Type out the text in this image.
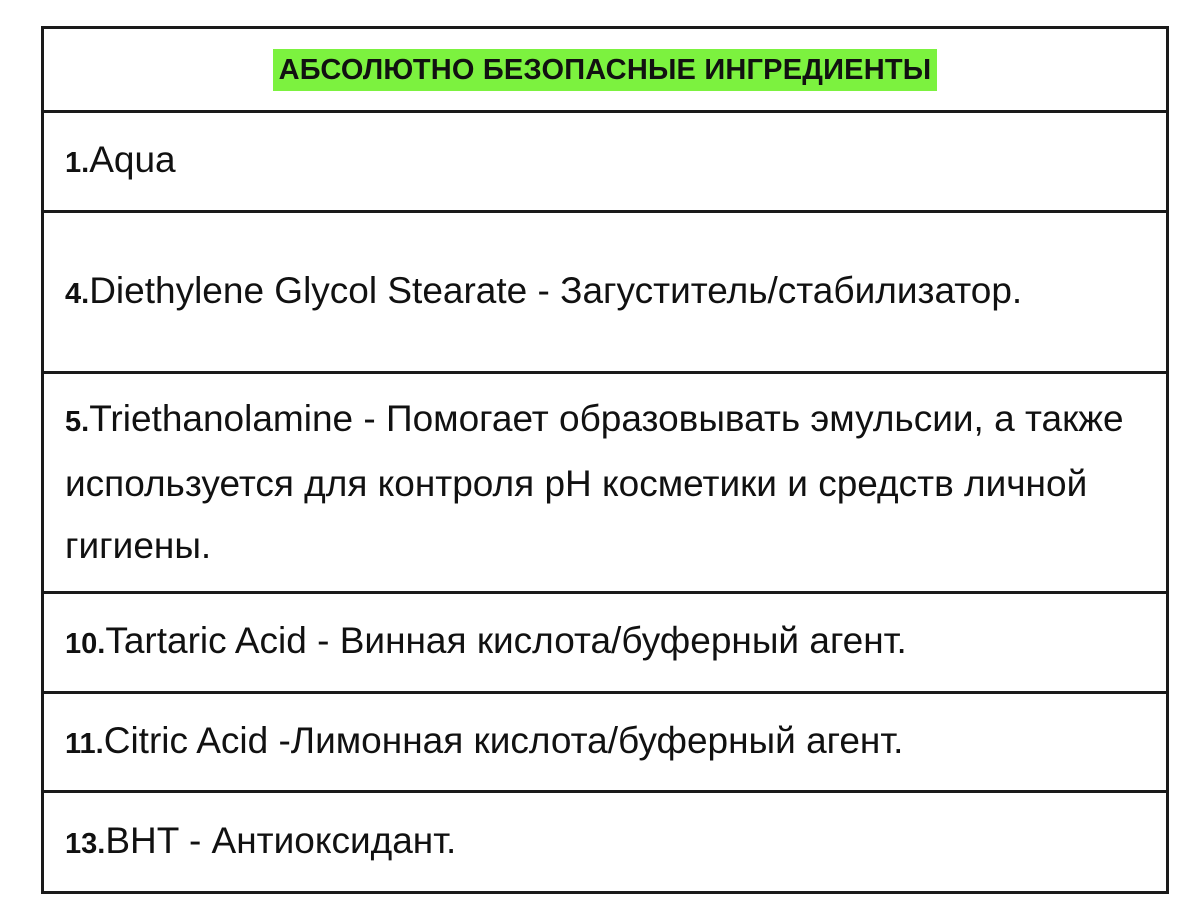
АБСОЛЮТНО БЕЗОПАСНЫЕ ИНГРЕДИЕНТЫ
1.Aqua
4.Diethylene Glycol Stearate - Загуститель/стабилизатор.
5.Triethanolamine - Помогает образовывать эмульсии, а также используется для контроля pH косметики и средств личной гигиены.
10.Tartaric Acid - Винная кислота/буферный агент.
11.Citric Acid -Лимонная кислота/буферный агент.
13.BHT - Антиоксидант.
